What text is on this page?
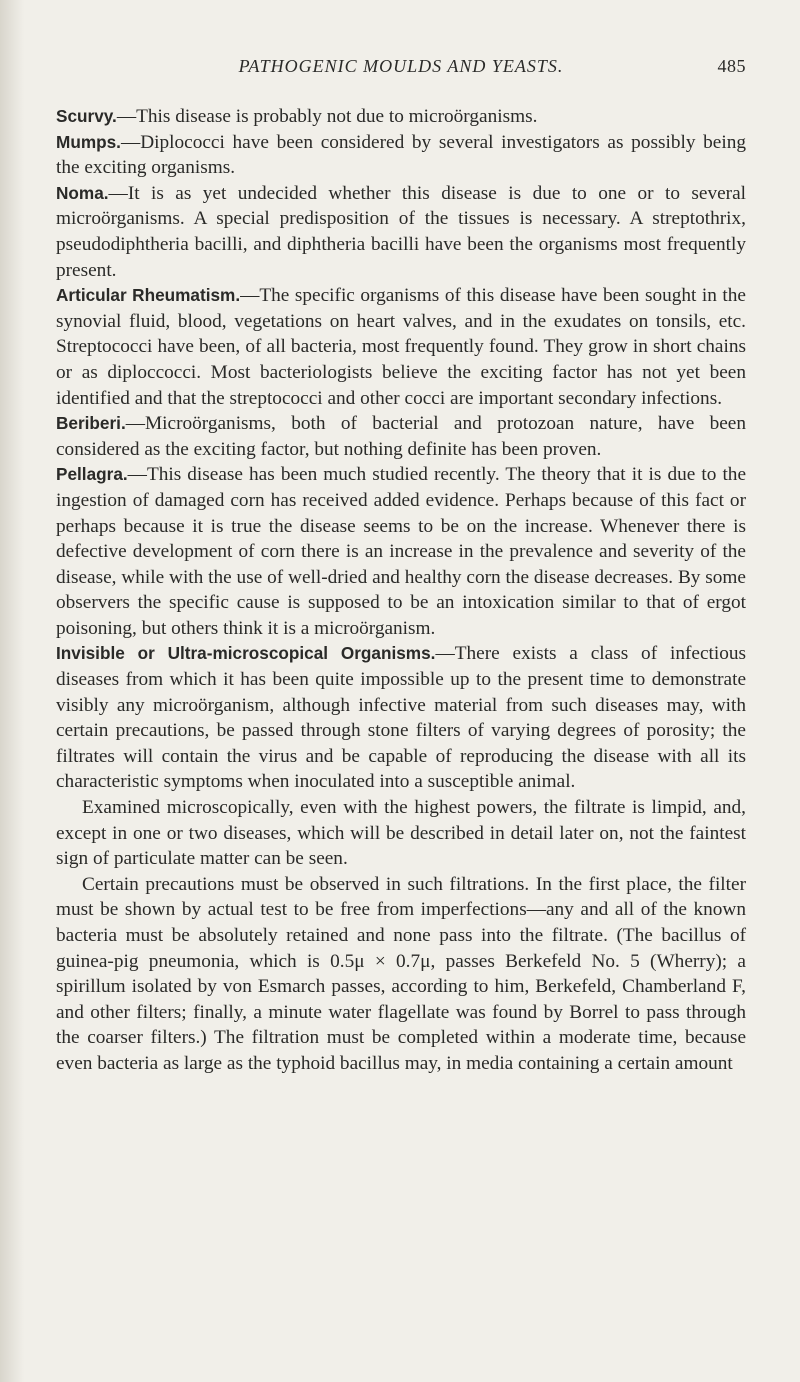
PATHOGENIC MOULDS AND YEASTS.	485

Scurvy.—This disease is probably not due to microörganisms.

Mumps.—Diplococci have been considered by several investigators as possibly being the exciting organisms.

Noma.—It is as yet undecided whether this disease is due to one or to several microörganisms. A special predisposition of the tissues is necessary. A streptothrix, pseudodiphtheria bacilli, and diphtheria bacilli have been the organisms most frequently present.

Articular Rheumatism.—The specific organisms of this disease have been sought in the synovial fluid, blood, vegetations on heart valves, and in the exudates on tonsils, etc. Streptococci have been, of all bacteria, most frequently found. They grow in short chains or as diploccocci. Most bacteriologists believe the exciting factor has not yet been identified and that the streptococci and other cocci are important secondary infections.

Beriberi.—Microörganisms, both of bacterial and protozoan nature, have been considered as the exciting factor, but nothing definite has been proven.

Pellagra.—This disease has been much studied recently. The theory that it is due to the ingestion of damaged corn has received added evidence. Perhaps because of this fact or perhaps because it is true the disease seems to be on the increase. Whenever there is defective development of corn there is an increase in the prevalence and severity of the disease, while with the use of well-dried and healthy corn the disease decreases. By some observers the specific cause is supposed to be an intoxication similar to that of ergot poisoning, but others think it is a microörganism.

Invisible or Ultra-microscopical Organisms.—There exists a class of infectious diseases from which it has been quite impossible up to the present time to demonstrate visibly any microörganism, although infective material from such diseases may, with certain precautions, be passed through stone filters of varying degrees of porosity; the filtrates will contain the virus and be capable of reproducing the disease with all its characteristic symptoms when inoculated into a susceptible animal.

Examined microscopically, even with the highest powers, the filtrate is limpid, and, except in one or two diseases, which will be described in detail later on, not the faintest sign of particulate matter can be seen.

Certain precautions must be observed in such filtrations. In the first place, the filter must be shown by actual test to be free from imperfections—any and all of the known bacteria must be absolutely retained and none pass into the filtrate. (The bacillus of guinea-pig pneumonia, which is 0.5μ × 0.7μ, passes Berkefeld No. 5 (Wherry); a spirillum isolated by von Esmarch passes, according to him, Berkefeld, Chamberland F, and other filters; finally, a minute water flagellate was found by Borrel to pass through the coarser filters.) The filtration must be completed within a moderate time, because even bacteria as large as the typhoid bacillus may, in media containing a certain amount
